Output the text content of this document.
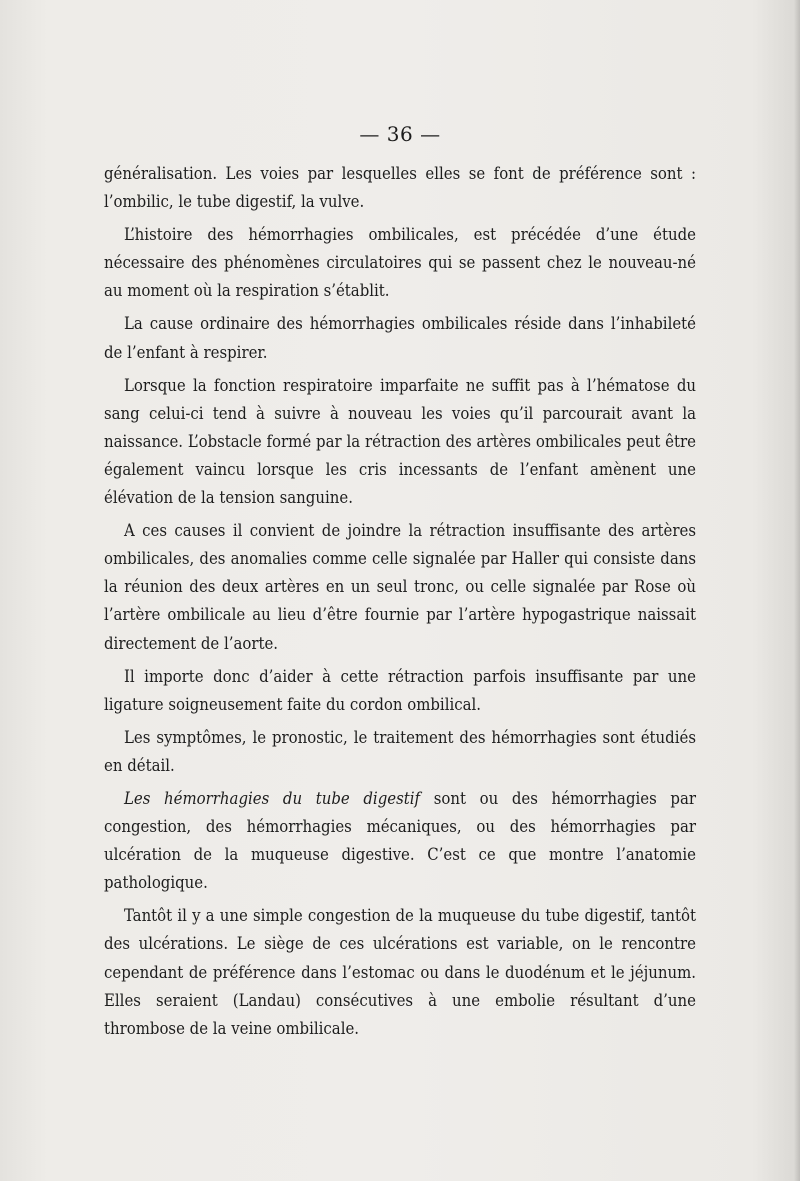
— 36 —

généralisation. Les voies par lesquelles elles se font de préférence sont : l’ombilic, le tube digestif, la vulve.

L’histoire des hémorrhagies ombilicales, est précédée d’une étude nécessaire des phénomènes circulatoires qui se passent chez le nouveau-né au moment où la respiration s’établit.

La cause ordinaire des hémorrhagies ombilicales réside dans l’inhabileté de l’enfant à respirer.

Lorsque la fonction respiratoire imparfaite ne suffit pas à l’hématose du sang celui-ci tend à suivre à nouveau les voies qu’il parcourait avant la naissance. L’obstacle formé par la rétraction des artères ombilicales peut être également vaincu lorsque les cris incessants de l’enfant amènent une élévation de la tension sanguine.

A ces causes il convient de joindre la rétraction insuffisante des artères ombilicales, des anomalies comme celle signalée par Haller qui consiste dans la réunion des deux artères en un seul tronc, ou celle signalée par Rose où l’artère ombilicale au lieu d’être fournie par l’artère hypogastrique naissait directement de l’aorte.

Il importe donc d’aider à cette rétraction parfois insuffisante par une ligature soigneusement faite du cordon ombilical.

Les symptômes, le pronostic, le traitement des hémorrhagies sont étudiés en détail.

Les hémorrhagies du tube digestif sont ou des hémorrhagies par congestion, des hémorrhagies mécaniques, ou des hémorrhagies par ulcération de la muqueuse digestive. C’est ce que montre l’anatomie pathologique.

Tantôt il y a une simple congestion de la muqueuse du tube digestif, tantôt des ulcérations. Le siège de ces ulcérations est variable, on le rencontre cependant de préférence dans l’estomac ou dans le duodénum et le jéjunum. Elles seraient (Landau) consécutives à une embolie résultant d’une thrombose de la veine ombilicale.
